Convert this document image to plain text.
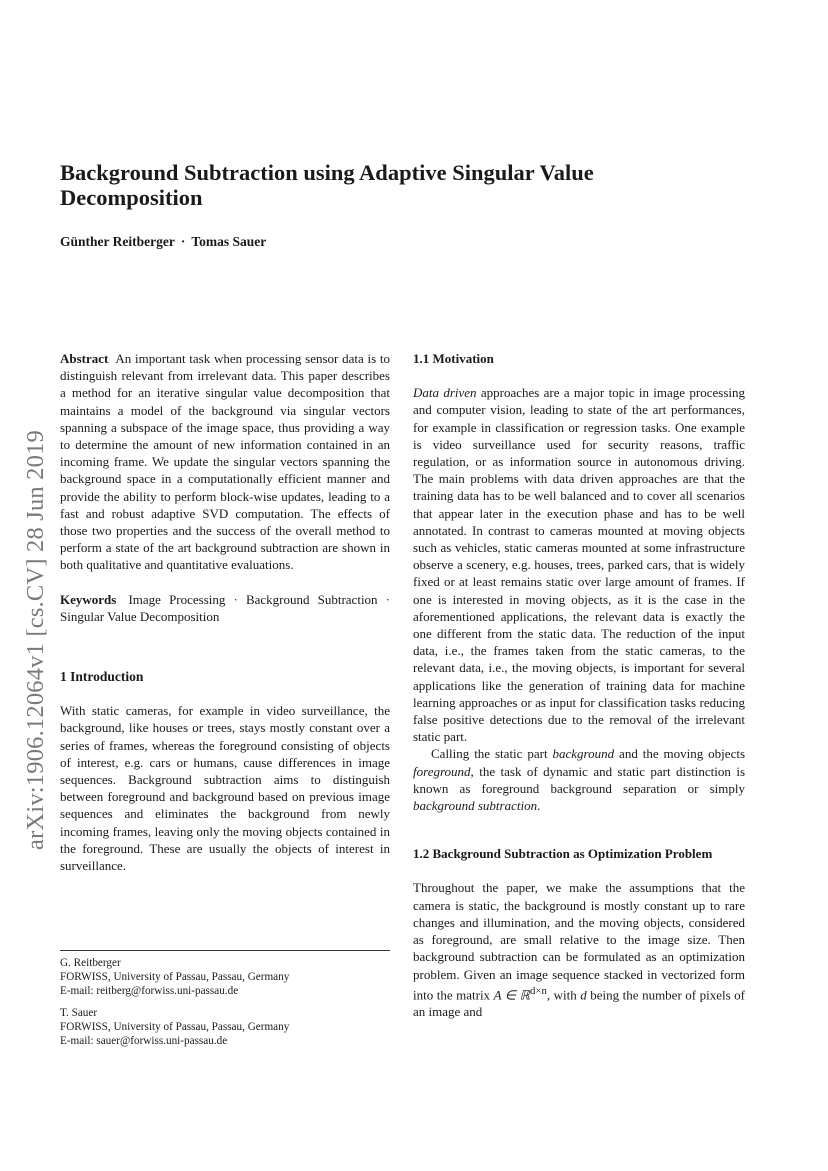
arXiv:1906.12064v1 [cs.CV] 28 Jun 2019
Background Subtraction using Adaptive Singular Value Decomposition
Günther Reitberger · Tomas Sauer

Abstract An important task when processing sensor data is to distinguish relevant from irrelevant data. This paper describes a method for an iterative singular value decomposition that maintains a model of the background via singular vectors spanning a subspace of the image space, thus providing a way to determine the amount of new information contained in an incoming frame. We update the singular vectors spanning the background space in a computationally efficient manner and provide the ability to perform block-wise updates, leading to a fast and robust adaptive SVD computation. The effects of those two properties and the success of the overall method to perform a state of the art background subtraction are shown in both qualitative and quantitative evaluations.

Keywords Image Processing · Background Subtraction · Singular Value Decomposition

1 Introduction

With static cameras, for example in video surveillance, the background, like houses or trees, stays mostly constant over a series of frames, whereas the foreground consisting of objects of interest, e.g. cars or humans, cause differences in image sequences. Background subtraction aims to distinguish between foreground and background based on previous image sequences and eliminates the background from newly incoming frames, leaving only the moving objects contained in the foreground. These are usually the objects of interest in surveillance.

G. Reitberger
FORWISS, University of Passau, Passau, Germany
E-mail: reitberg@forwiss.uni-passau.de
T. Sauer
FORWISS, University of Passau, Passau, Germany
E-mail: sauer@forwiss.uni-passau.de
1.1 Motivation

Data driven approaches are a major topic in image processing and computer vision, leading to state of the art performances, for example in classification or regression tasks. One example is video surveillance used for security reasons, traffic regulation, or as information source in autonomous driving. The main problems with data driven approaches are that the training data has to be well balanced and to cover all scenarios that appear later in the execution phase and has to be well annotated. In contrast to cameras mounted at moving objects such as vehicles, static cameras mounted at some infrastructure observe a scenery, e.g. houses, trees, parked cars, that is widely fixed or at least remains static over large amount of frames. If one is interested in moving objects, as it is the case in the aforementioned applications, the relevant data is exactly the one different from the static data. The reduction of the input data, i.e., the frames taken from the static cameras, to the relevant data, i.e., the moving objects, is important for several applications like the generation of training data for machine learning approaches or as input for classification tasks reducing false positive detections due to the removal of the irrelevant static part.

Calling the static part background and the moving objects foreground, the task of dynamic and static part distinction is known as foreground background separation or simply background subtraction.

1.2 Background Subtraction as Optimization Problem

Throughout the paper, we make the assumptions that the camera is static, the background is mostly constant up to rare changes and illumination, and the moving objects, considered as foreground, are small relative to the image size. Then background subtraction can be formulated as an optimization problem. Given an image sequence stacked in vectorized form into the matrix A ∈ ℝ$^{d\times n}$, with d being the number of pixels of an image and
